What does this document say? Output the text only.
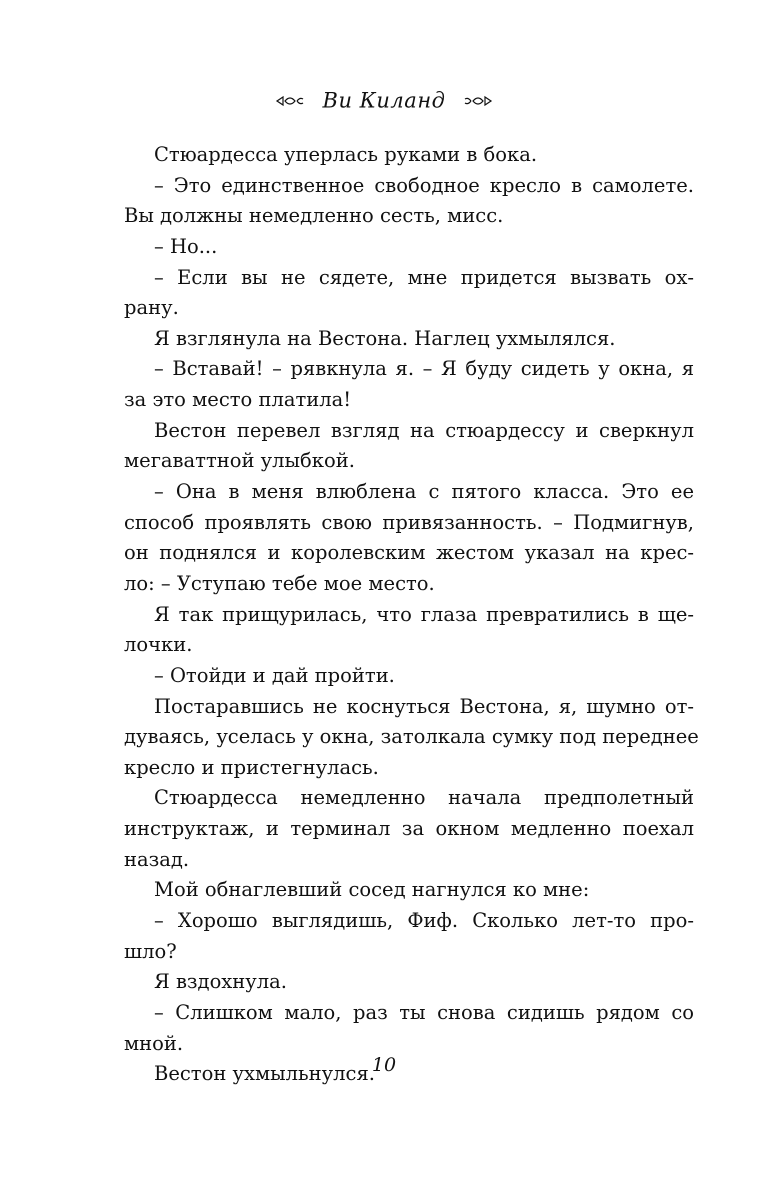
Ви Киланд
Стюардесса уперлась руками в бока.
– Это единственное свободное кресло в самолете.
Вы должны немедленно сесть, мисс.
– Но...
– Если вы не сядете, мне придется вызвать ох-
рану.
Я взглянула на Вестона. Наглец ухмылялся.
– Вставай! – рявкнула я. – Я буду сидеть у окна, я
за это место платила!
Вестон перевел взгляд на стюардессу и сверкнул
мегаваттной улыбкой.
– Она в меня влюблена с пятого класса. Это ее
способ проявлять свою привязанность. – Подмигнув,
он поднялся и королевским жестом указал на крес-
ло: – Уступаю тебе мое место.
Я так прищурилась, что глаза превратились в ще-
лочки.
– Отойди и дай пройти.
Постаравшись не коснуться Вестона, я, шумно от-
дуваясь, уселась у окна, затолкала сумку под переднее
кресло и пристегнулась.
Стюардесса немедленно начала предполетный
инструктаж, и терминал за окном медленно поехал
назад.
Мой обнаглевший сосед нагнулся ко мне:
– Хорошо выглядишь, Фиф. Сколько лет-то про-
шло?
Я вздохнула.
– Слишком мало, раз ты снова сидишь рядом со
мной.
Вестон ухмыльнулся.
10
